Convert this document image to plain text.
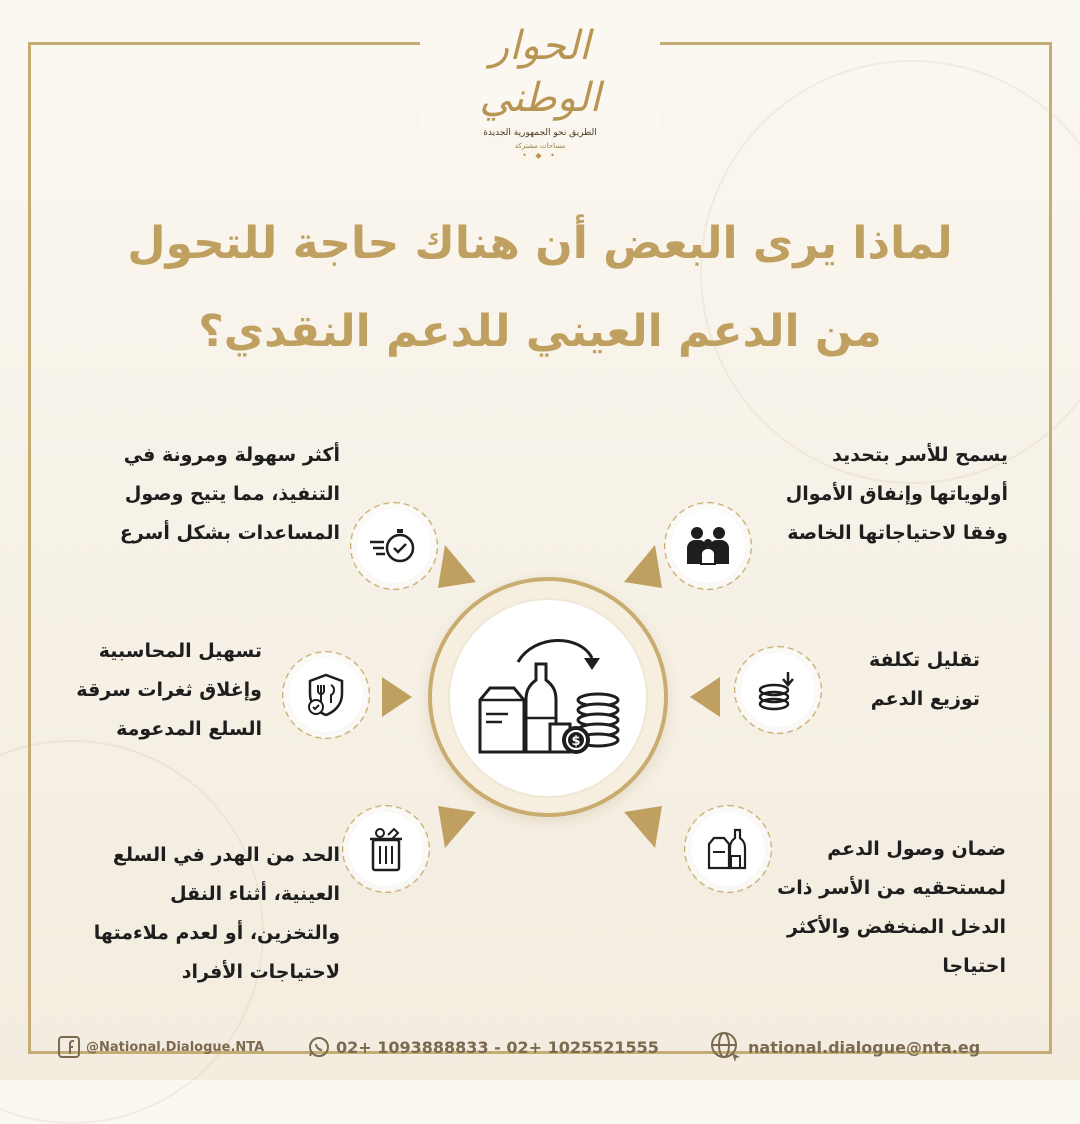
الحوار الوطني
الطريق نحو الجمهورية الجديدة
مساحات مشتركة
• ◆ •
لماذا يرى البعض أن هناك حاجة للتحول
من الدعم العيني للدعم النقدي؟
يسمح للأسر بتحديد
أولوياتها وإنفاق الأموال
وفقا لاحتياجاتها الخاصة
أكثر سهولة ومرونة في
التنفيذ، مما يتيح وصول
المساعدات بشكل أسرع
تقليل تكلفة
توزيع الدعم
تسهيل المحاسبية
وإغلاق ثغرات سرقة
السلع المدعومة
ضمان وصول الدعم
لمستحقيه من الأسر ذات
الدخل المنخفض والأكثر
احتياجا
الحد من الهدر في السلع
العينية، أثناء النقل
والتخزين، أو لعدم ملاءمتها
لاحتياجات الأفراد
$
@National.Dialogue.NTA	02+ 1093888833 - 02+ 1025521555	national.dialogue@nta.eg
